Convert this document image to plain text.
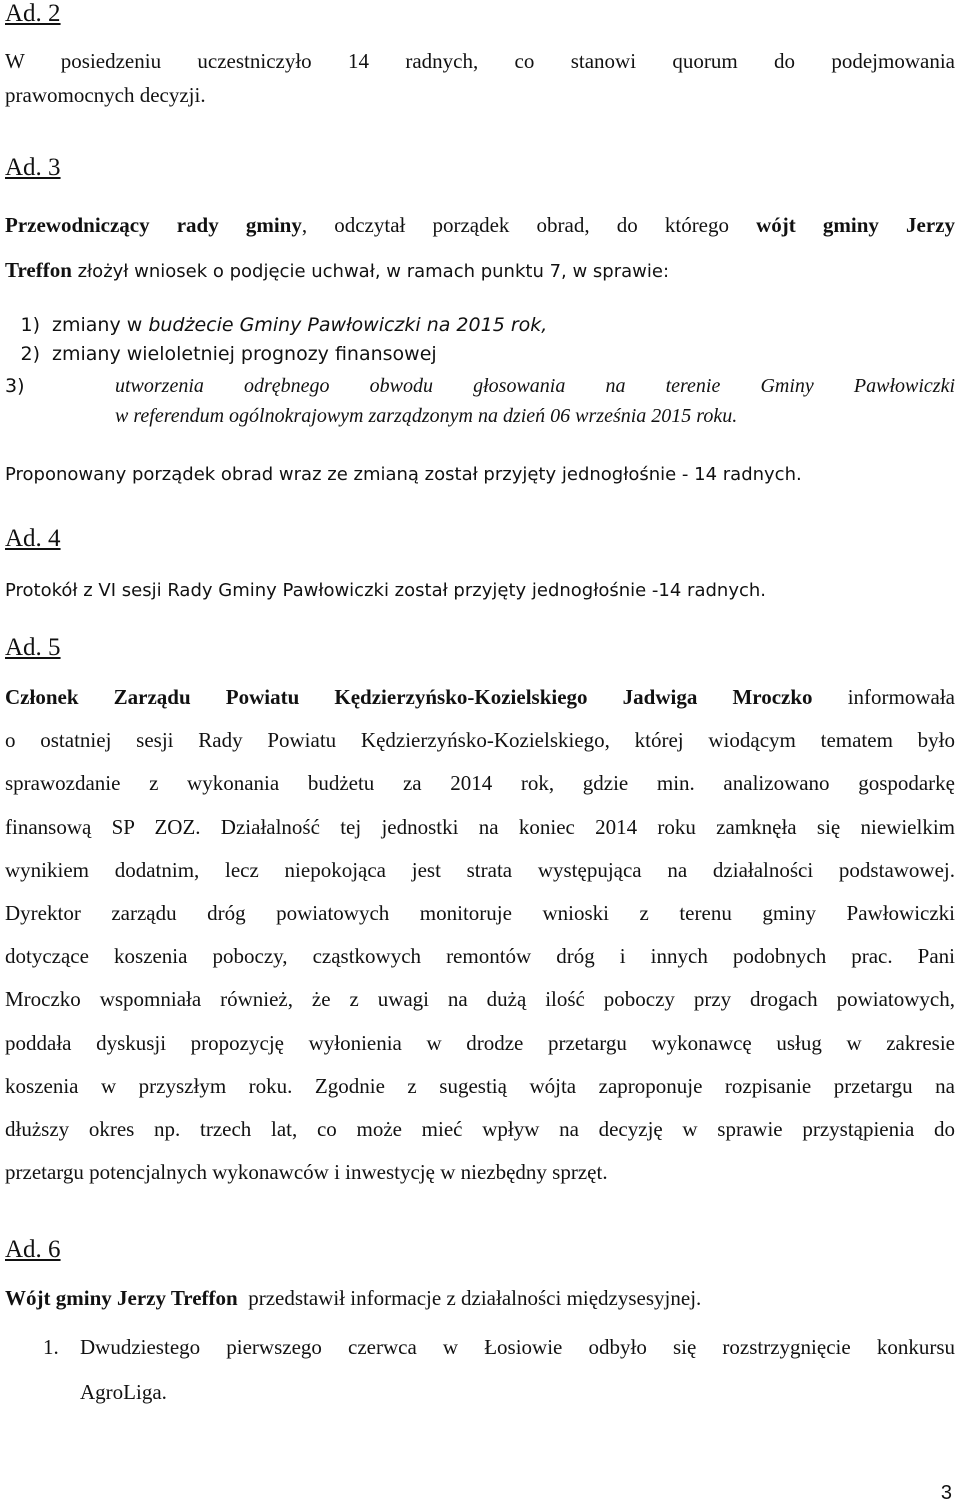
Ad. 2

W posiedzeniu uczestniczyło 14 radnych, co stanowi quorum do podejmowania
prawomocnych decyzji.

Ad. 3

Przewodniczący rady gminy, odczytał porządek obrad, do którego wójt gminy Jerzy
Treffon złożył wniosek o podjęcie uchwał, w ramach punktu 7, w sprawie:

1) zmiany w budżecie Gminy Pawłowiczki na 2015 rok,
2) zmiany wieloletniej prognozy finansowej
3)	utworzenia odrębnego obwodu głosowania na terenie Gminy Pawłowiczki
w referendum ogólnokrajowym zarządzonym na dzień 06 września 2015 roku.

Proponowany porządek obrad wraz ze zmianą został przyjęty jednogłośnie - 14 radnych.

Ad. 4

Protokół z VI sesji Rady Gminy Pawłowiczki został przyjęty jednogłośnie -14 radnych.

Ad. 5

Członek Zarządu Powiatu Kędzierzyńsko-Kozielskiego Jadwiga Mroczko informowała
o ostatniej sesji Rady Powiatu Kędzierzyńsko-Kozielskiego, której wiodącym tematem było
sprawozdanie z wykonania budżetu za 2014 rok, gdzie min. analizowano gospodarkę
finansową SP ZOZ. Działalność tej jednostki na koniec 2014 roku zamknęła się niewielkim
wynikiem dodatnim, lecz niepokojąca jest strata występująca na działalności podstawowej.
Dyrektor zarządu dróg powiatowych monitoruje wnioski z terenu gminy Pawłowiczki
dotyczące koszenia poboczy, cząstkowych remontów dróg i innych podobnych prac. Pani
Mroczko wspomniała również, że z uwagi na dużą ilość poboczy przy drogach powiatowych,
poddała dyskusji propozycję wyłonienia w drodze przetargu wykonawcę usług w zakresie
koszenia w przyszłym roku. Zgodnie z sugestią wójta zaproponuje rozpisanie przetargu na
dłuższy okres np. trzech lat, co może mieć wpływ na decyzję w sprawie przystąpienia do
przetargu potencjalnych wykonawców i inwestycję w niezbędny sprzęt.

Ad. 6

Wójt gminy Jerzy Treffon  przedstawił informacje z działalności międzysesyjnej.

1. Dwudziestego pierwszego czerwca w Łosiowie odbyło się rozstrzygnięcie konkursu
AgroLiga.
3
